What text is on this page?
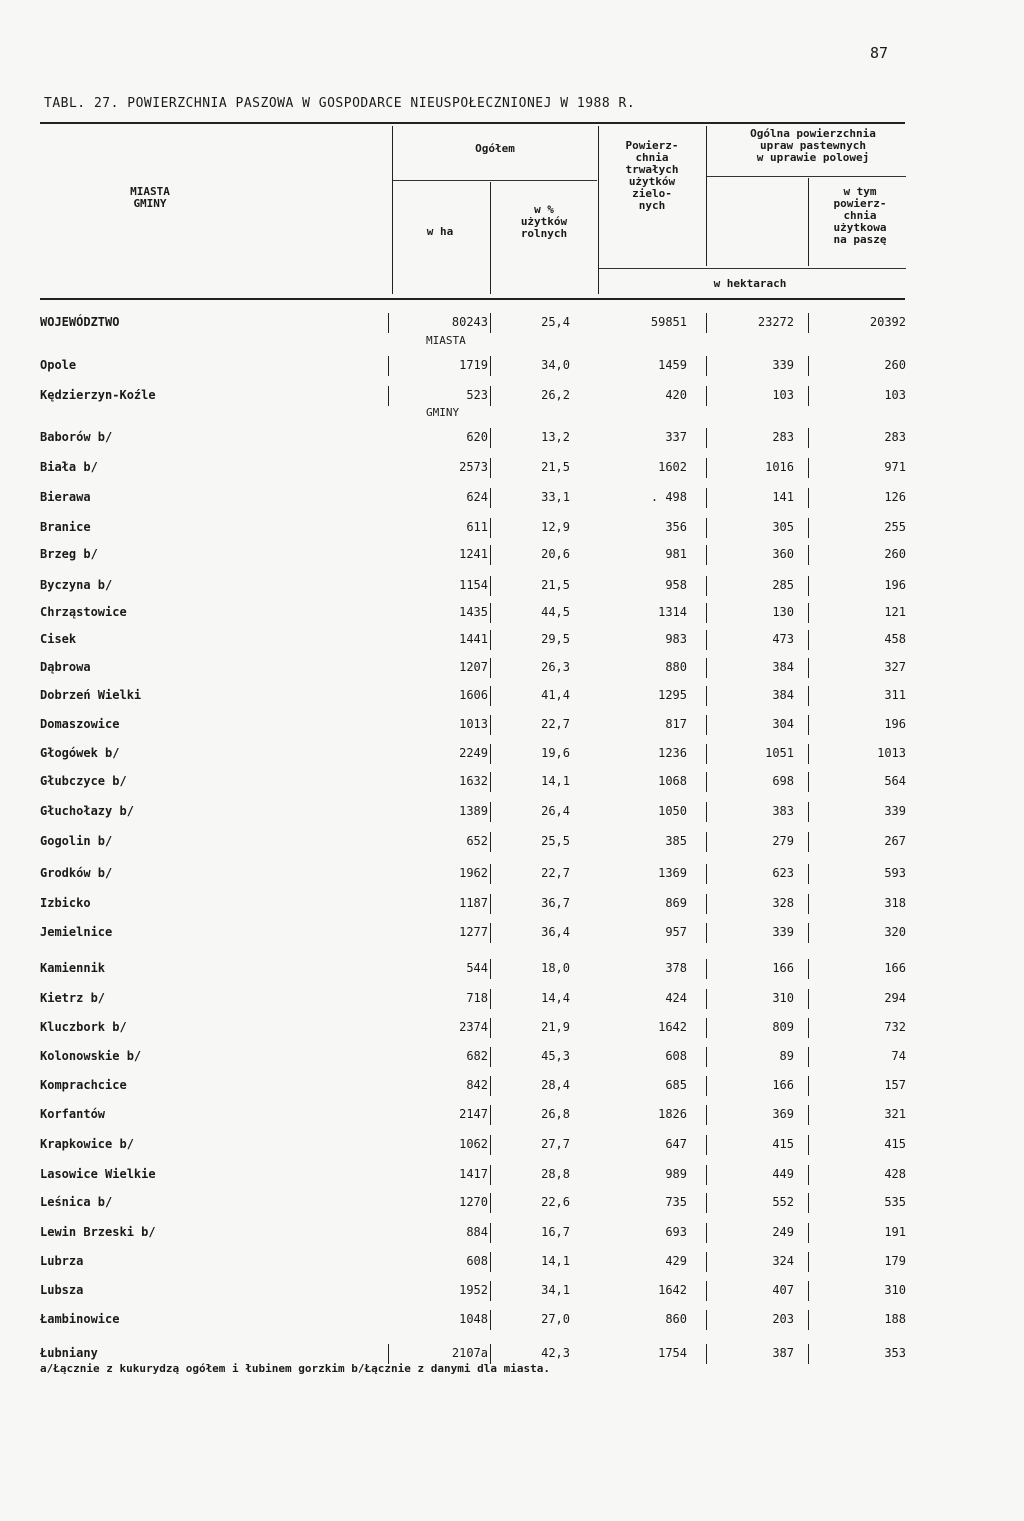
87
TABL. 27. POWIERZCHNIA PASZOWA W GOSPODARCE NIEUSPOŁECZNIONEJ W 1988 R.
MIASTA
GMINY
Ogółem
w ha
w %
użytków
rolnych
Powierz-
chnia
trwałych
użytków
zielo-
nych
Ogólna powierzchnia
upraw pastewnych
w uprawie polowej
w tym
powierz-
chnia
użytkowa
na paszę
w hektarach
MIASTA
GMINY
WOJEWÓDZTWO	80243	25,4	59851	23272	20392
Opole	1719	34,0	1459	339	260
Kędzierzyn-Koźle	523	26,2	420	103	103
Baborów b/	620	13,2	337	283	283
Biała b/	2573	21,5	1602	1016	971
Bierawa	624	33,1	. 498	141	126
Branice	611	12,9	356	305	255
Brzeg b/	1241	20,6	981	360	260
Byczyna b/	1154	21,5	958	285	196
Chrząstowice	1435	44,5	1314	130	121
Cisek	1441	29,5	983	473	458
Dąbrowa	1207	26,3	880	384	327
Dobrzeń Wielki	1606	41,4	1295	384	311
Domaszowice	1013	22,7	817	304	196
Głogówek b/	2249	19,6	1236	1051	1013
Głubczyce b/	1632	14,1	1068	698	564
Głuchołazy b/	1389	26,4	1050	383	339
Gogolin b/	652	25,5	385	279	267
Grodków b/	1962	22,7	1369	623	593
Izbicko	1187	36,7	869	328	318
Jemielnice	1277	36,4	957	339	320
Kamiennik	544	18,0	378	166	166
Kietrz b/	718	14,4	424	310	294
Kluczbork b/	2374	21,9	1642	809	732
Kolonowskie b/	682	45,3	608	89	74
Komprachcice	842	28,4	685	166	157
Korfantów	2147	26,8	1826	369	321
Krapkowice b/	1062	27,7	647	415	415
Lasowice Wielkie	1417	28,8	989	449	428
Leśnica b/	1270	22,6	735	552	535
Lewin Brzeski b/	884	16,7	693	249	191
Lubrza	608	14,1	429	324	179
Lubsza	1952	34,1	1642	407	310
Łambinowice	1048	27,0	860	203	188
Łubniany	2107a	42,3	1754	387	353
a/Łącznie z kukurydzą ogółem i łubinem gorzkim b/Łącznie z danymi dla miasta.
